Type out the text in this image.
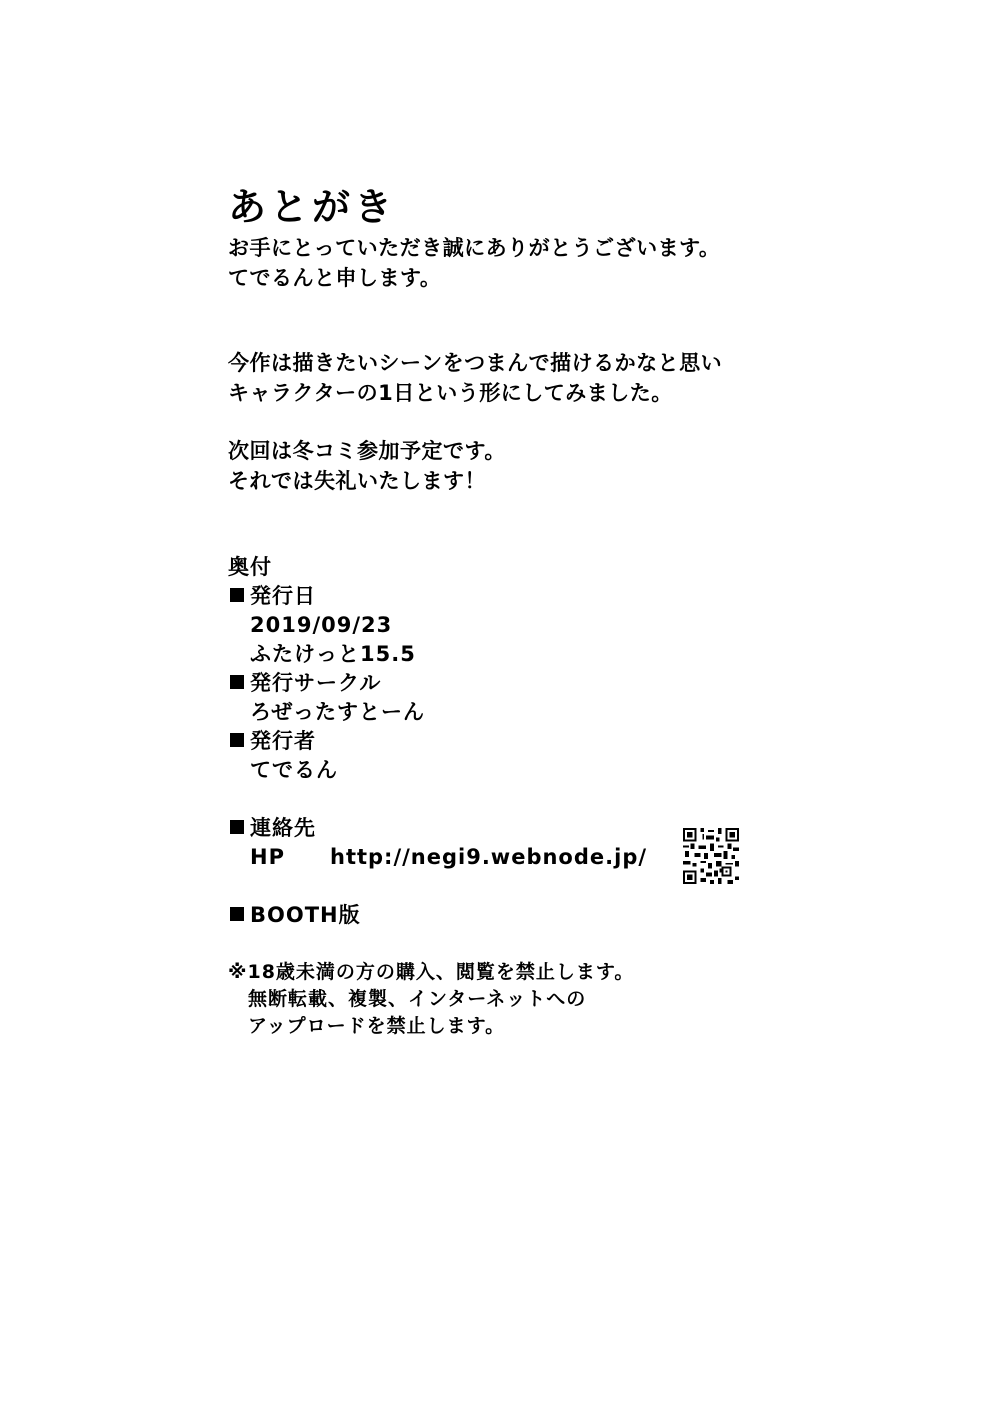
あとがき
お手にとっていただき誠にありがとうございます。
てでるんと申します。
今作は描きたいシーンをつまんで描けるかなと思い
キャラクターの1日という形にしてみました。
次回は冬コミ参加予定です。
それでは失礼いたします！
奥付
発行日
2019/09/23
ふたけっと15.5
発行サークル
ろぜったすとーん
発行者
てでるん
連絡先
HP http://negi9.webnode.jp/
BOOTH版
※18歳未満の方の購入、閲覧を禁止します。
無断転載、複製、インターネットへの
アップロードを禁止します。
